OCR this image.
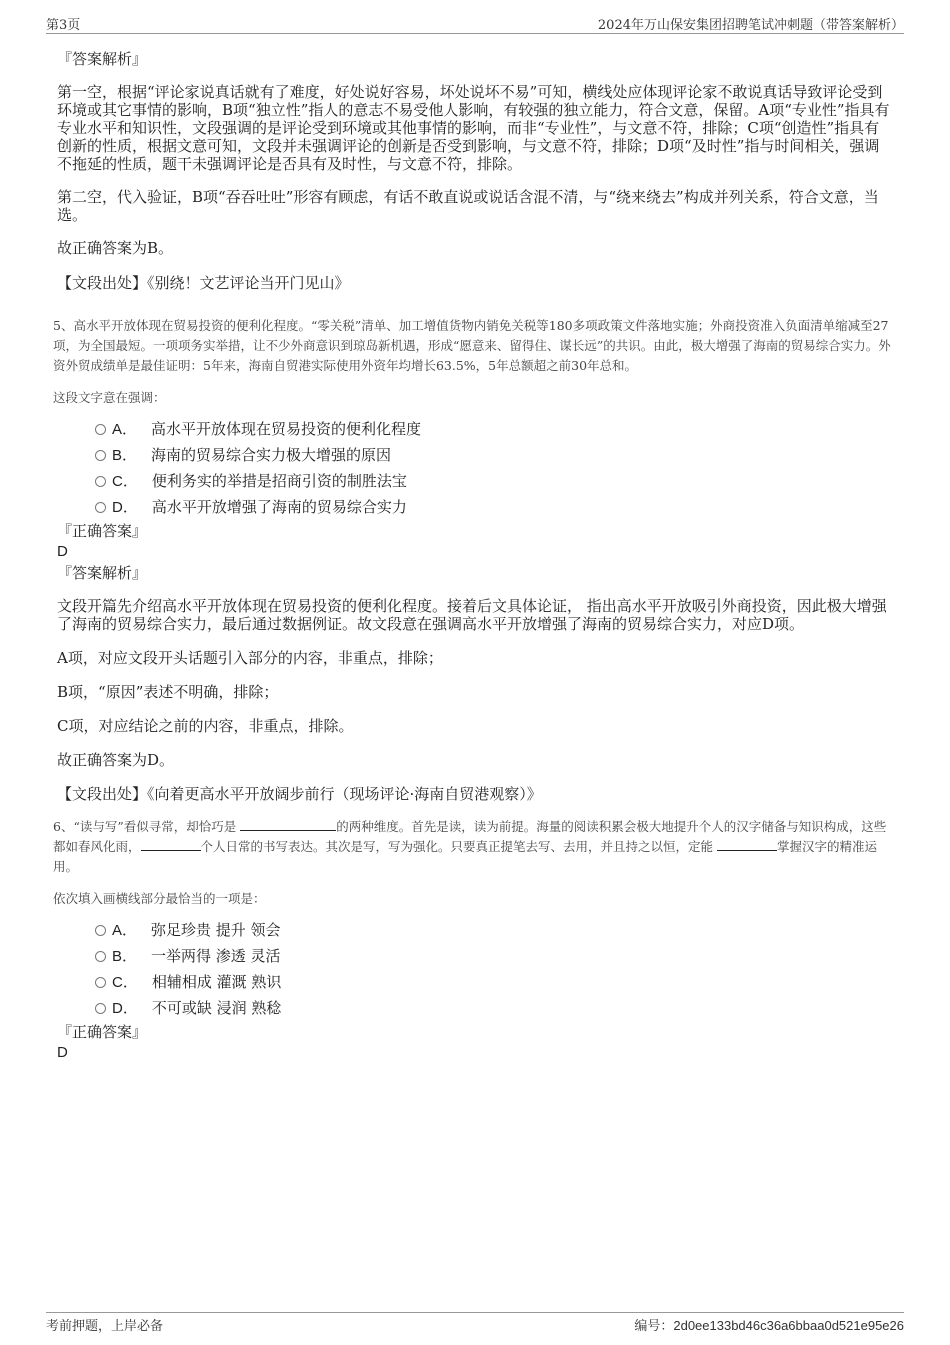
第3页	2024年万山保安集团招聘笔试冲刺题（带答案解析）

『答案解析』

第一空，根据“评论家说真话就有了难度，好处说好容易，坏处说坏不易”可知，横线处应体现评论家不敢说真话导致评论受到环境或其它事情的影响，B项“独立性”指人的意志不易受他人影响，有较强的独立能力，符合文意，保留。A项“专业性”指具有专业水平和知识性，文段强调的是评论受到环境或其他事情的影响，而非“专业性”，与文意不符，排除；C项“创造性”指具有创新的性质，根据文意可知，文段并未强调评论的创新是否受到影响，与文意不符，排除；D项“及时性”指与时间相关，强调不拖延的性质，题干未强调评论是否具有及时性，与文意不符，排除。

第二空，代入验证，B项“吞吞吐吐”形容有顾虑，有话不敢直说或说话含混不清，与“绕来绕去”构成并列关系，符合文意，当选。

故正确答案为B。

【文段出处】《别绕！文艺评论当开门见山》

5、高水平开放体现在贸易投资的便利化程度。“零关税”清单、加工增值货物内销免关税等180多项政策文件落地实施；外商投资准入负面清单缩减至27项，为全国最短。一项项务实举措，让不少外商意识到琼岛新机遇，形成“愿意来、留得住、谋长远”的共识。由此，极大增强了海南的贸易综合实力。外资外贸成绩单是最佳证明：5年来，海南自贸港实际使用外资年均增长63.5%，5年总额超之前30年总和。

这段文字意在强调：

A． 高水平开放体现在贸易投资的便利化程度
B． 海南的贸易综合实力极大增强的原因
C． 便利务实的举措是招商引资的制胜法宝
D． 高水平开放增强了海南的贸易综合实力

『正确答案』

D

『答案解析』

文段开篇先介绍高水平开放体现在贸易投资的便利化程度。接着后文具体论证， 指出高水平开放吸引外商投资，因此极大增强了海南的贸易综合实力，最后通过数据例证。故文段意在强调高水平开放增强了海南的贸易综合实力，对应D项。

A项，对应文段开头话题引入部分的内容，非重点，排除；

B项，“原因”表述不明确，排除；

C项，对应结论之前的内容，非重点，排除。

故正确答案为D。

【文段出处】《向着更高水平开放阔步前行（现场评论·海南自贸港观察）》

6、“读与写”看似寻常，却恰巧是	的两种维度。首先是读，读为前提。海量的阅读积累会极大地提升个人的汉字储备与知识构成，这些都如春风化雨，	个人日常的书写表达。其次是写，写为强化。只要真正提笔去写、去用，并且持之以恒，定能	掌握汉字的精准运用。

依次填入画横线部分最恰当的一项是：

A． 弥足珍贵 提升 领会
B． 一举两得 渗透 灵活
C． 相辅相成 灌溉 熟识
D． 不可或缺 浸润 熟稔

『正确答案』

D

考前押题，上岸必备	编号：2d0ee133bd46c36a6bbaa0d521e95e26
